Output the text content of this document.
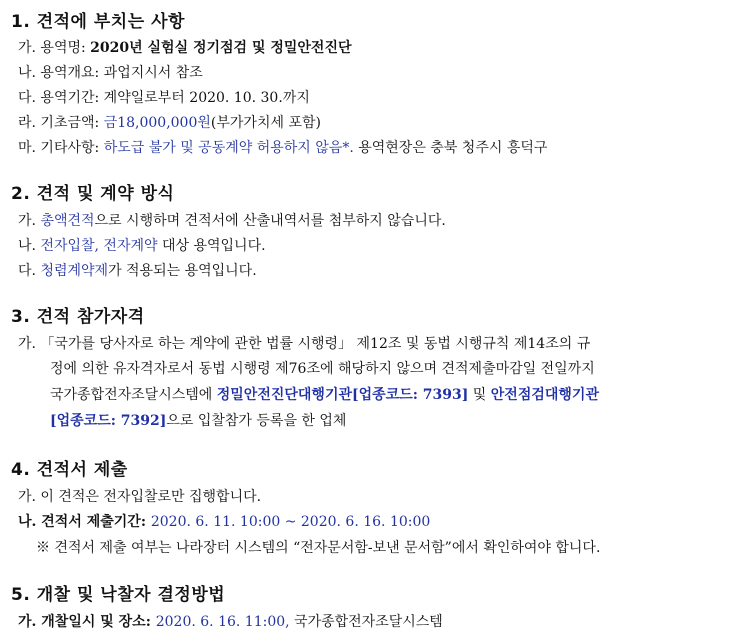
1. 견적에 부치는 사항

가. 용역명: 2020년 실험실 정기점검 및 정밀안전진단

나. 용역개요: 과업지시서 참조

다. 용역기간: 계약일로부터 2020. 10. 30.까지

라. 기초금액: 금18,000,000원(부가가치세 포함)

마. 기타사항: 하도급 불가 및 공동계약 허용하지 않음*. 용역현장은 충북 청주시 흥덕구

2. 견적 및 계약 방식

가. 총액견적으로 시행하며 견적서에 산출내역서를 첨부하지 않습니다.

나. 전자입찰, 전자계약 대상 용역입니다.

다. 청렴계약제가 적용되는 용역입니다.

3. 견적 참가자격

가. 「국가를 당사자로 하는 계약에 관한 법률 시행령」 제12조 및 동법 시행규칙 제14조의 규

정에 의한 유자격자로서 동법 시행령 제76조에 해당하지 않으며 견적제출마감일 전일까지

국가종합전자조달시스템에 정밀안전진단대행기관[업종코드: 7393] 및 안전점검대행기관

[업종코드: 7392]으로 입찰참가 등록을 한 업체

4. 견적서 제출

가. 이 견적은 전자입찰로만 집행합니다.

나. 견적서 제출기간: 2020. 6. 11. 10:00 ~ 2020. 6. 16. 10:00

※ 견적서 제출 여부는 나라장터 시스템의 “전자문서함-보낸 문서함”에서 확인하여야 합니다.

5. 개찰 및 낙찰자 결정방법

가. 개찰일시 및 장소: 2020. 6. 16. 11:00, 국가종합전자조달시스템
